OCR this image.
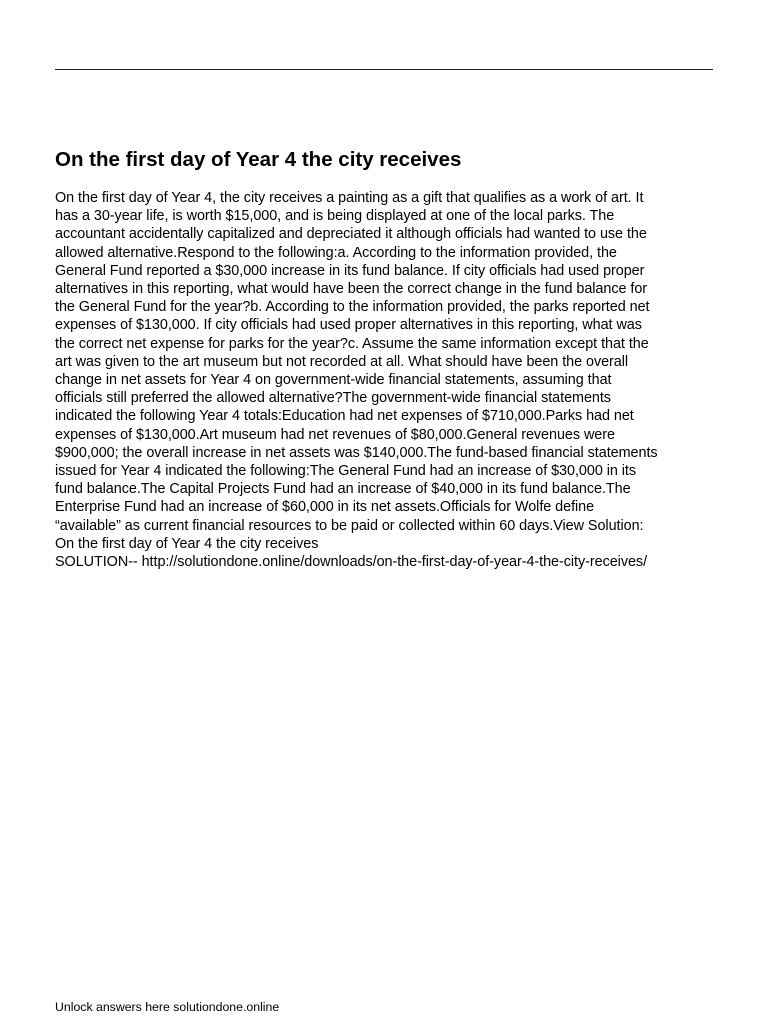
On the first day of Year 4 the city receives
On the first day of Year 4, the city receives a painting as a gift that qualifies as a work of art. It
has a 30-year life, is worth $15,000, and is being displayed at one of the local parks. The
accountant accidentally capitalized and depreciated it although officials had wanted to use the
allowed alternative.Respond to the following:a. According to the information provided, the
General Fund reported a $30,000 increase in its fund balance. If city officials had used proper
alternatives in this reporting, what would have been the correct change in the fund balance for
the General Fund for the year?b. According to the information provided, the parks reported net
expenses of $130,000. If city officials had used proper alternatives in this reporting, what was
the correct net expense for parks for the year?c. Assume the same information except that the
art was given to the art museum but not recorded at all. What should have been the overall
change in net assets for Year 4 on government-wide financial statements, assuming that
officials still preferred the allowed alternative?The government-wide financial statements
indicated the following Year 4 totals:Education had net expenses of $710,000.Parks had net
expenses of $130,000.Art museum had net revenues of $80,000.General revenues were
$900,000; the overall increase in net assets was $140,000.The fund-based financial statements
issued for Year 4 indicated the following:The General Fund had an increase of $30,000 in its
fund balance.The Capital Projects Fund had an increase of $40,000 in its fund balance.The
Enterprise Fund had an increase of $60,000 in its net assets.Officials for Wolfe define
“available” as current financial resources to be paid or collected within 60 days.View Solution:
On the first day of Year 4 the city receives
SOLUTION-- http://solutiondone.online/downloads/on-the-first-day-of-year-4-the-city-receives/

Unlock answers here solutiondone.online
